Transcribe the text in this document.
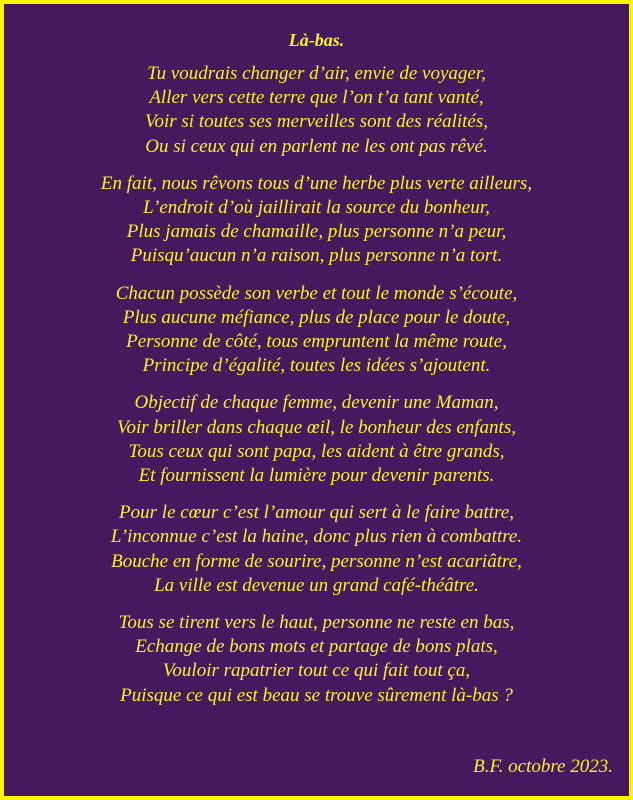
Là-bas.
Tu voudrais changer d’air, envie de voyager,
Aller vers cette terre que l’on t’a tant vanté,
Voir si toutes ses merveilles sont des réalités,
Ou si ceux qui en parlent ne les ont pas rêvé.
En fait, nous rêvons tous d’une herbe plus verte ailleurs,
L’endroit d’où jaillirait la source du bonheur,
Plus jamais de chamaille, plus personne n’a peur,
Puisqu’aucun n’a raison, plus personne n’a tort.
Chacun possède son verbe et tout le monde s’écoute,
Plus aucune méfiance, plus de place pour le doute,
Personne de côté, tous empruntent la même route,
Principe d’égalité, toutes les idées s’ajoutent.
Objectif de chaque femme, devenir une Maman,
Voir briller dans chaque œil, le bonheur des enfants,
Tous ceux qui sont papa, les aident à être grands,
Et fournissent la lumière pour devenir parents.
Pour le cœur c’est l’amour qui sert à le faire battre,
L’inconnue c’est la haine, donc plus rien à combattre.
Bouche en forme de sourire, personne n’est acariâtre,
La ville est devenue un grand café-théâtre.
Tous se tirent vers le haut, personne ne reste en bas,
Echange de bons mots et partage de bons plats,
Vouloir rapatrier tout ce qui fait tout ça,
Puisque ce qui est beau se trouve sûrement là-bas ?
B.F. octobre 2023.
